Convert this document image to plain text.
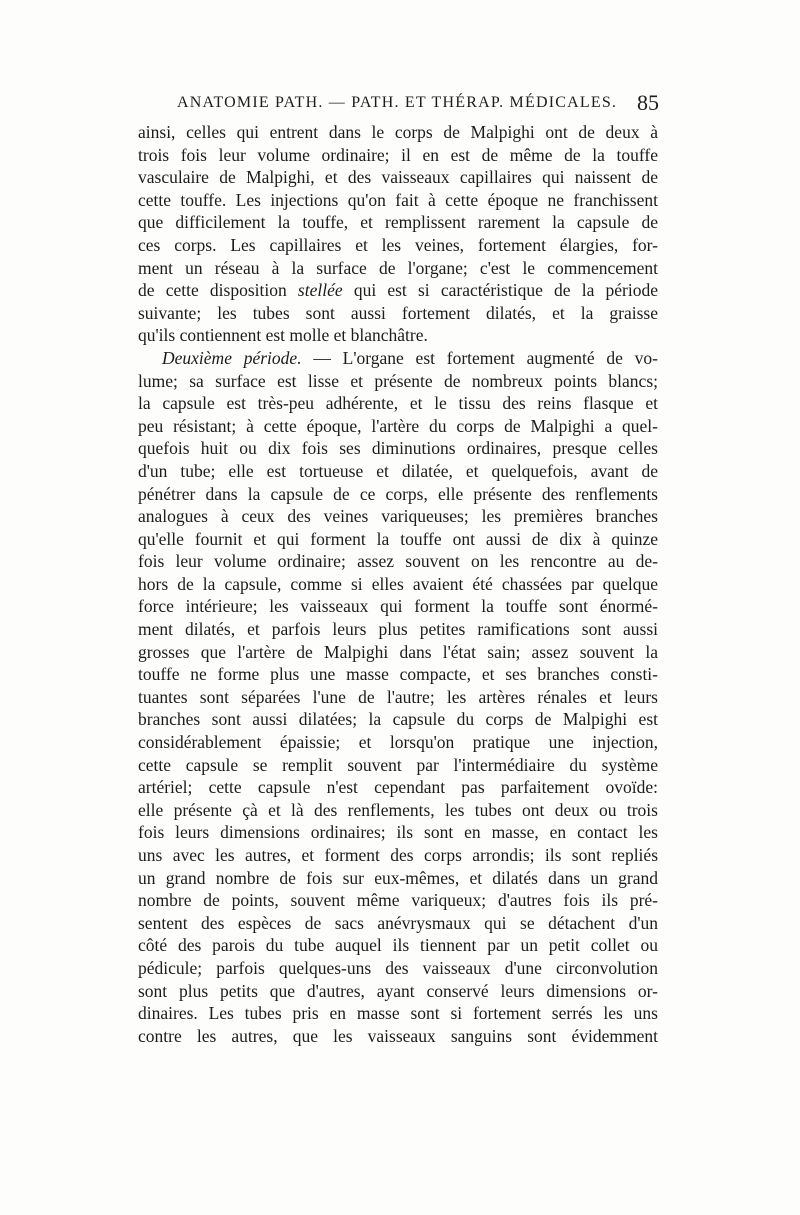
ANATOMIE PATH. — PATH. ET THÉRAP. MÉDICALES. 85
ainsi, celles qui entrent dans le corps de Malpighi ont de deux à
trois fois leur volume ordinaire; il en est de même de la touffe
vasculaire de Malpighi, et des vaisseaux capillaires qui naissent de
cette touffe. Les injections qu'on fait à cette époque ne franchissent
que difficilement la touffe, et remplissent rarement la capsule de
ces corps. Les capillaires et les veines, fortement élargies, for-
ment un réseau à la surface de l'organe; c'est le commencement
de cette disposition stellée qui est si caractéristique de la période
suivante; les tubes sont aussi fortement dilatés, et la graisse
qu'ils contiennent est molle et blanchâtre.
Deuxième période. — L'organe est fortement augmenté de vo-
lume; sa surface est lisse et présente de nombreux points blancs;
la capsule est très-peu adhérente, et le tissu des reins flasque et
peu résistant; à cette époque, l'artère du corps de Malpighi a quel-
quefois huit ou dix fois ses diminutions ordinaires, presque celles
d'un tube; elle est tortueuse et dilatée, et quelquefois, avant de
pénétrer dans la capsule de ce corps, elle présente des renflements
analogues à ceux des veines variqueuses; les premières branches
qu'elle fournit et qui forment la touffe ont aussi de dix à quinze
fois leur volume ordinaire; assez souvent on les rencontre au de-
hors de la capsule, comme si elles avaient été chassées par quelque
force intérieure; les vaisseaux qui forment la touffe sont énormé-
ment dilatés, et parfois leurs plus petites ramifications sont aussi
grosses que l'artère de Malpighi dans l'état sain; assez souvent la
touffe ne forme plus une masse compacte, et ses branches consti-
tuantes sont séparées l'une de l'autre; les artères rénales et leurs
branches sont aussi dilatées; la capsule du corps de Malpighi est
considérablement épaissie; et lorsqu'on pratique une injection,
cette capsule se remplit souvent par l'intermédiaire du système
artériel; cette capsule n'est cependant pas parfaitement ovoïde:
elle présente çà et là des renflements, les tubes ont deux ou trois
fois leurs dimensions ordinaires; ils sont en masse, en contact les
uns avec les autres, et forment des corps arrondis; ils sont repliés
un grand nombre de fois sur eux-mêmes, et dilatés dans un grand
nombre de points, souvent même variqueux; d'autres fois ils pré-
sentent des espèces de sacs anévrysmaux qui se détachent d'un
côté des parois du tube auquel ils tiennent par un petit collet ou
pédicule; parfois quelques-uns des vaisseaux d'une circonvolution
sont plus petits que d'autres, ayant conservé leurs dimensions or-
dinaires. Les tubes pris en masse sont si fortement serrés les uns
contre les autres, que les vaisseaux sanguins sont évidemment
